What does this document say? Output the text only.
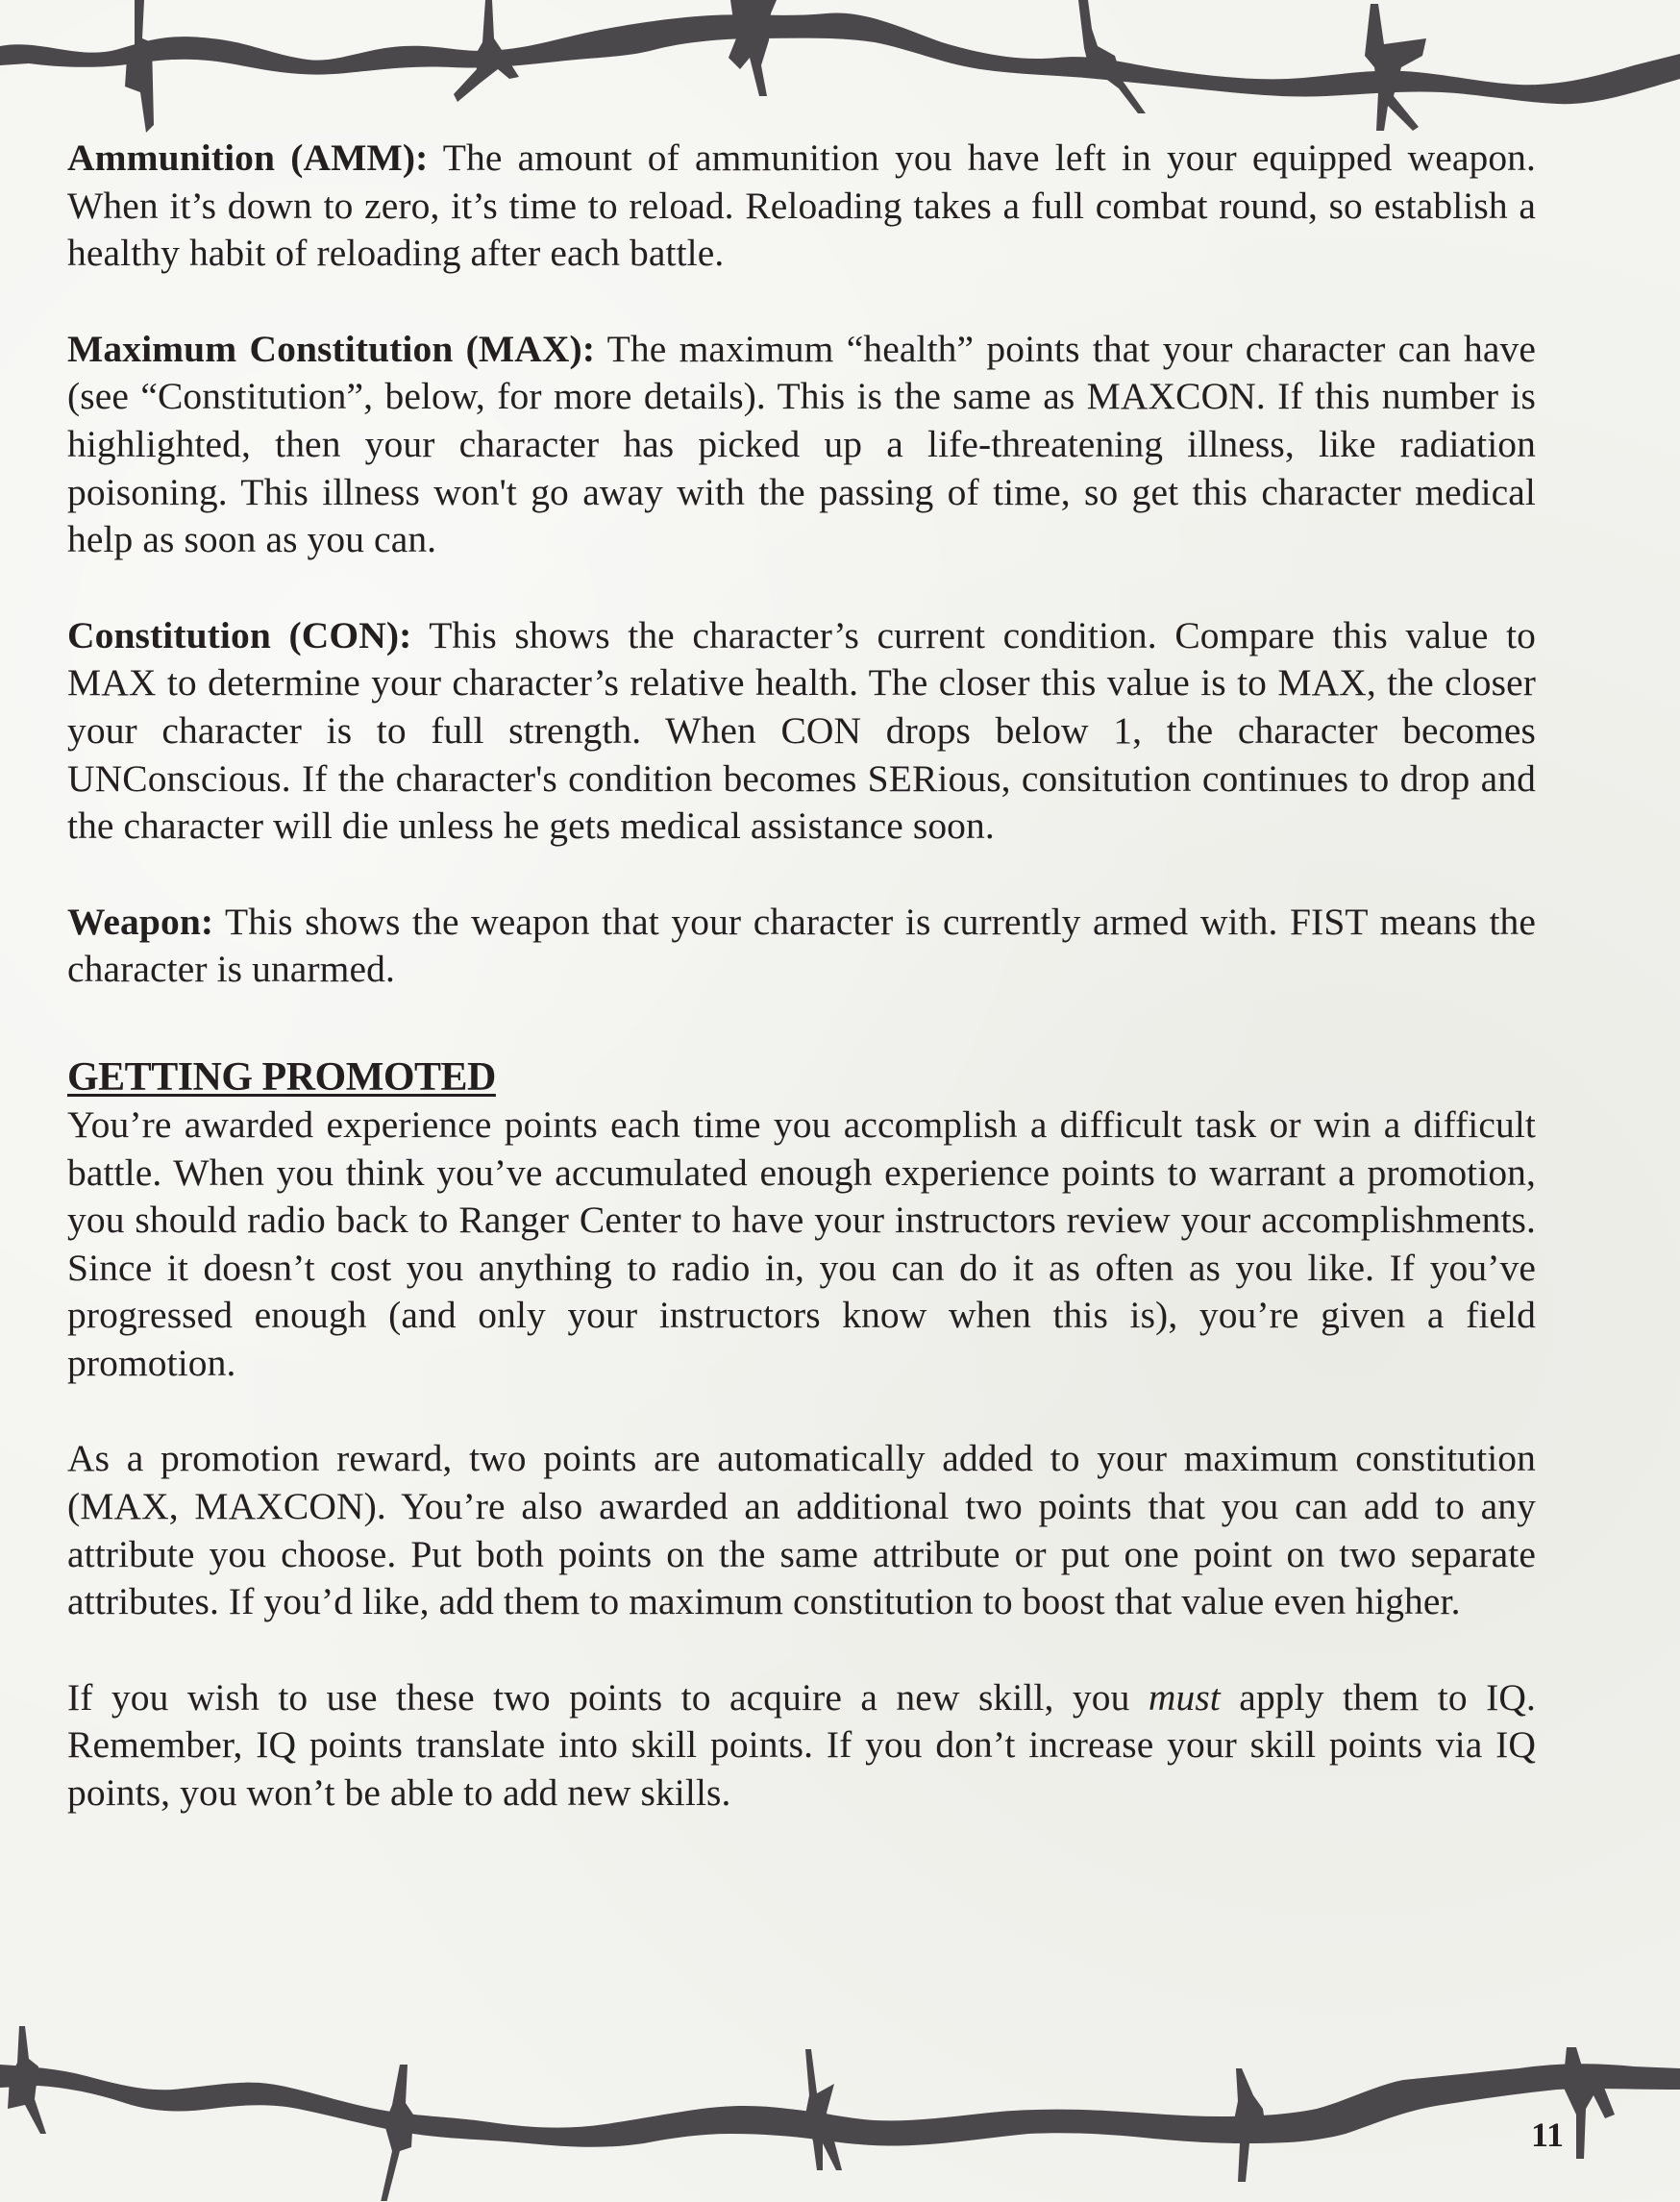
Ammunition (AMM): The amount of ammunition you have left in your equipped weapon. When it’s down to zero, it’s time to reload. Reloading takes a full combat round, so establish a healthy habit of reloading after each battle.

Maximum Constitution (MAX): The maximum “health” points that your character can have (see “Constitution”, below, for more details). This is the same as MAXCON. If this number is highlighted, then your character has picked up a life-threatening illness, like radiation poisoning. This illness won't go away with the passing of time, so get this character medical help as soon as you can.

Constitution (CON): This shows the character’s current condition. Compare this value to MAX to determine your character’s relative health. The closer this value is to MAX, the closer your character is to full strength. When CON drops below 1, the character becomes UNConscious. If the character's condition becomes SERious, consitution continues to drop and the character will die unless he gets medical assistance soon.

Weapon: This shows the weapon that your character is currently armed with. FIST means the character is unarmed.

GETTING PROMOTED

You’re awarded experience points each time you accomplish a difficult task or win a difficult battle. When you think you’ve accumulated enough experience points to warrant a promotion, you should radio back to Ranger Center to have your instructors review your accomplishments. Since it doesn’t cost you anything to radio in, you can do it as often as you like. If you’ve progressed enough (and only your instructors know when this is), you’re given a field promotion.

As a promotion reward, two points are automatically added to your maximum constitution (MAX, MAXCON). You’re also awarded an additional two points that you can add to any attribute you choose. Put both points on the same attribute or put one point on two separate attributes. If you’d like, add them to maximum constitution to boost that value even higher.

If you wish to use these two points to acquire a new skill, you must apply them to IQ. Remember, IQ points translate into skill points. If you don’t increase your skill points via IQ points, you won’t be able to add new skills.

11
